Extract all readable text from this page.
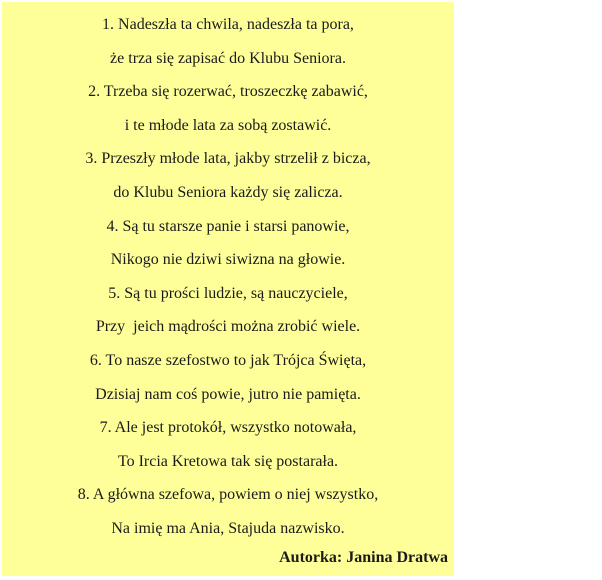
1. Nadeszła ta chwila, nadeszła ta pora,
że trza się zapisać do Klubu Seniora.
2. Trzeba się rozerwać, troszeczkę zabawić,
i te młode lata za sobą zostawić.
3. Przeszły młode lata, jakby strzelił z bicza,
do Klubu Seniora każdy się zalicza.
4. Są tu starsze panie i starsi panowie,
Nikogo nie dziwi siwizna na głowie.
5. Są tu prości ludzie, są nauczyciele,
Przy  jeich mądrości można zrobić wiele.
6. To nasze szefostwo to jak Trójca Święta,
Dzisiaj nam coś powie, jutro nie pamięta.
7. Ale jest protokół, wszystko notowała,
To Ircia Kretowa tak się postarała.
8. A główna szefowa, powiem o niej wszystko,
Na imię ma Ania, Stajuda nazwisko.
Autorka: Janina Dratwa
